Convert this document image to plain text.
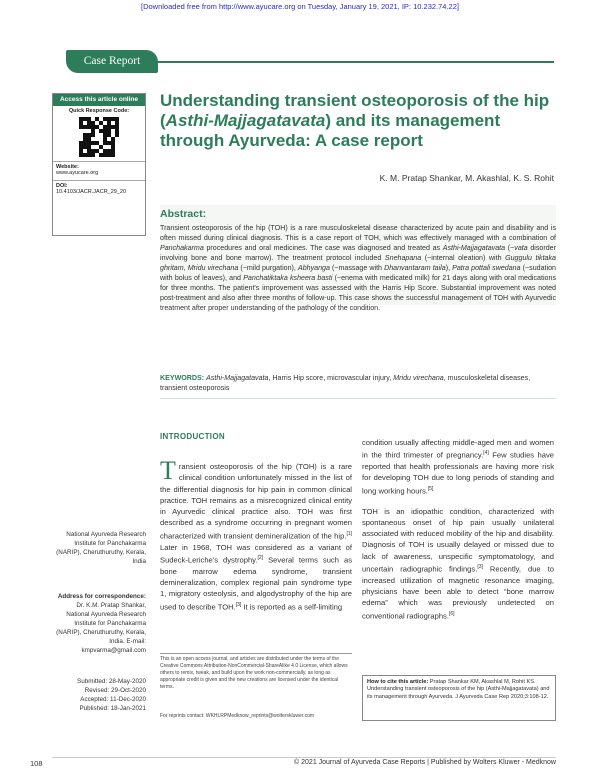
[Downloaded free from http://www.ayucare.org on Tuesday, January 19, 2021, IP: 10.232.74.22]
Case Report
Access this article online
Quick Response Code:
Website:
www.ayucare.org
DOI:
10.4103/JACR.JACR_29_20
Understanding transient osteoporosis of the hip (Asthi-Majjagatavata) and its management through Ayurveda: A case report
K. M. Pratap Shankar, M. Akashlal, K. S. Rohit
Abstract:
Transient osteoporosis of the hip (TOH) is a rare musculoskeletal disease characterized by acute pain and disability and is often missed during clinical diagnosis. This is a case report of TOH, which was effectively managed with a combination of Panchakarma procedures and oral medicines. The case was diagnosed and treated as Asthi-Majjagatavata (~vata disorder involving bone and bone marrow). The treatment protocol included Snehapana (~internal oleation) with Guggulu tiktaka ghritam, Mridu virechana (~mild purgation), Abhyanga (~massage with Dhanvantaram taila), Patra pottali swedana (~sudation with bolus of leaves), and Panchatiktaka ksheera basti (~enema with medicated milk) for 21 days along with oral medications for three months. The patient's improvement was assessed with the Harris Hip Score. Substantial improvement was noted post-treatment and also after three months of follow-up. This case shows the successful management of TOH with Ayurvedic treatment after proper understanding of the pathology of the condition.
KEYWORDS: Asthi-Majjagatavata, Harris Hip score, microvascular injury, Mridu virechana, musculoskeletal diseases, transient osteoporosis
INTRODUCTION
Transient osteoporosis of the hip (TOH) is a rare clinical condition unfortunately missed in the list of the differential diagnosis for hip pain in common clinical practice. TOH remains as a misrecognized clinical entity in Ayurvedic clinical practice also. TOH was first described as a syndrome occurring in pregnant women characterized with transient demineralization of the hip.[1] Later in 1968, TOH was considered as a variant of Sudeck-Leriche's dystrophy.[2] Several terms such as bone marrow edema syndrome, transient demineralization, complex regional pain syndrome type 1, migratory osteolysis, and algodystrophy of the hip are used to describe TOH.[3] It is reported as a self-limiting

condition usually affecting middle-aged men and women in the third trimester of pregnancy.[4] Few studies have reported that health professionals are having more risk for developing TOH due to long periods of standing and long working hours.[5]

TOH is an idiopathic condition, characterized with spontaneous onset of hip pain usually unilateral associated with reduced mobility of the hip and disability. Diagnosis of TOH is usually delayed or missed due to lack of awareness, unspecific symptomatology, and uncertain radiographic findings.[3] Recently, due to increased utilization of magnetic resonance imaging, physicians have been able to detect “bone marrow edema” which was previously undetected on conventional radiographs.[6]

National Ayurveda Research Institute for Panchakarma (NARIP), Cheruthuruthy, Kerala, India
Address for correspondence:
Dr. K.M. Pratap Shankar, National Ayurveda Research Institute for Panchakarma (NARIP), Cheruthuruthy, Kerala, India. E-mail: kmpvarma@gmail.com
Submitted: 28-May-2020
Revised: 29-Oct-2020
Accepted: 11-Dec-2020
Published: 18-Jan-2021
This is an open access journal, and articles are distributed under the terms of the Creative Commons Attribution-NonCommercial-ShareAlike 4.0 License, which allows others to remix, tweak, and build upon the work non-commercially, as long as appropriate credit is given and the new creations are licensed under the identical terms.
For reprints contact: WKHLRPMedknow_reprints@wolterskluwer.com
How to cite this article: Pratap Shankar KM, Akashlal M, Rohit KS. Understanding transient osteoporosis of the hip (Asthi-Majjagatavata) and its management through Ayurveda. J Ayurveda Case Rep 2020;3:108-12.
108	© 2021 Journal of Ayurveda Case Reports | Published by Wolters Kluwer - Medknow
